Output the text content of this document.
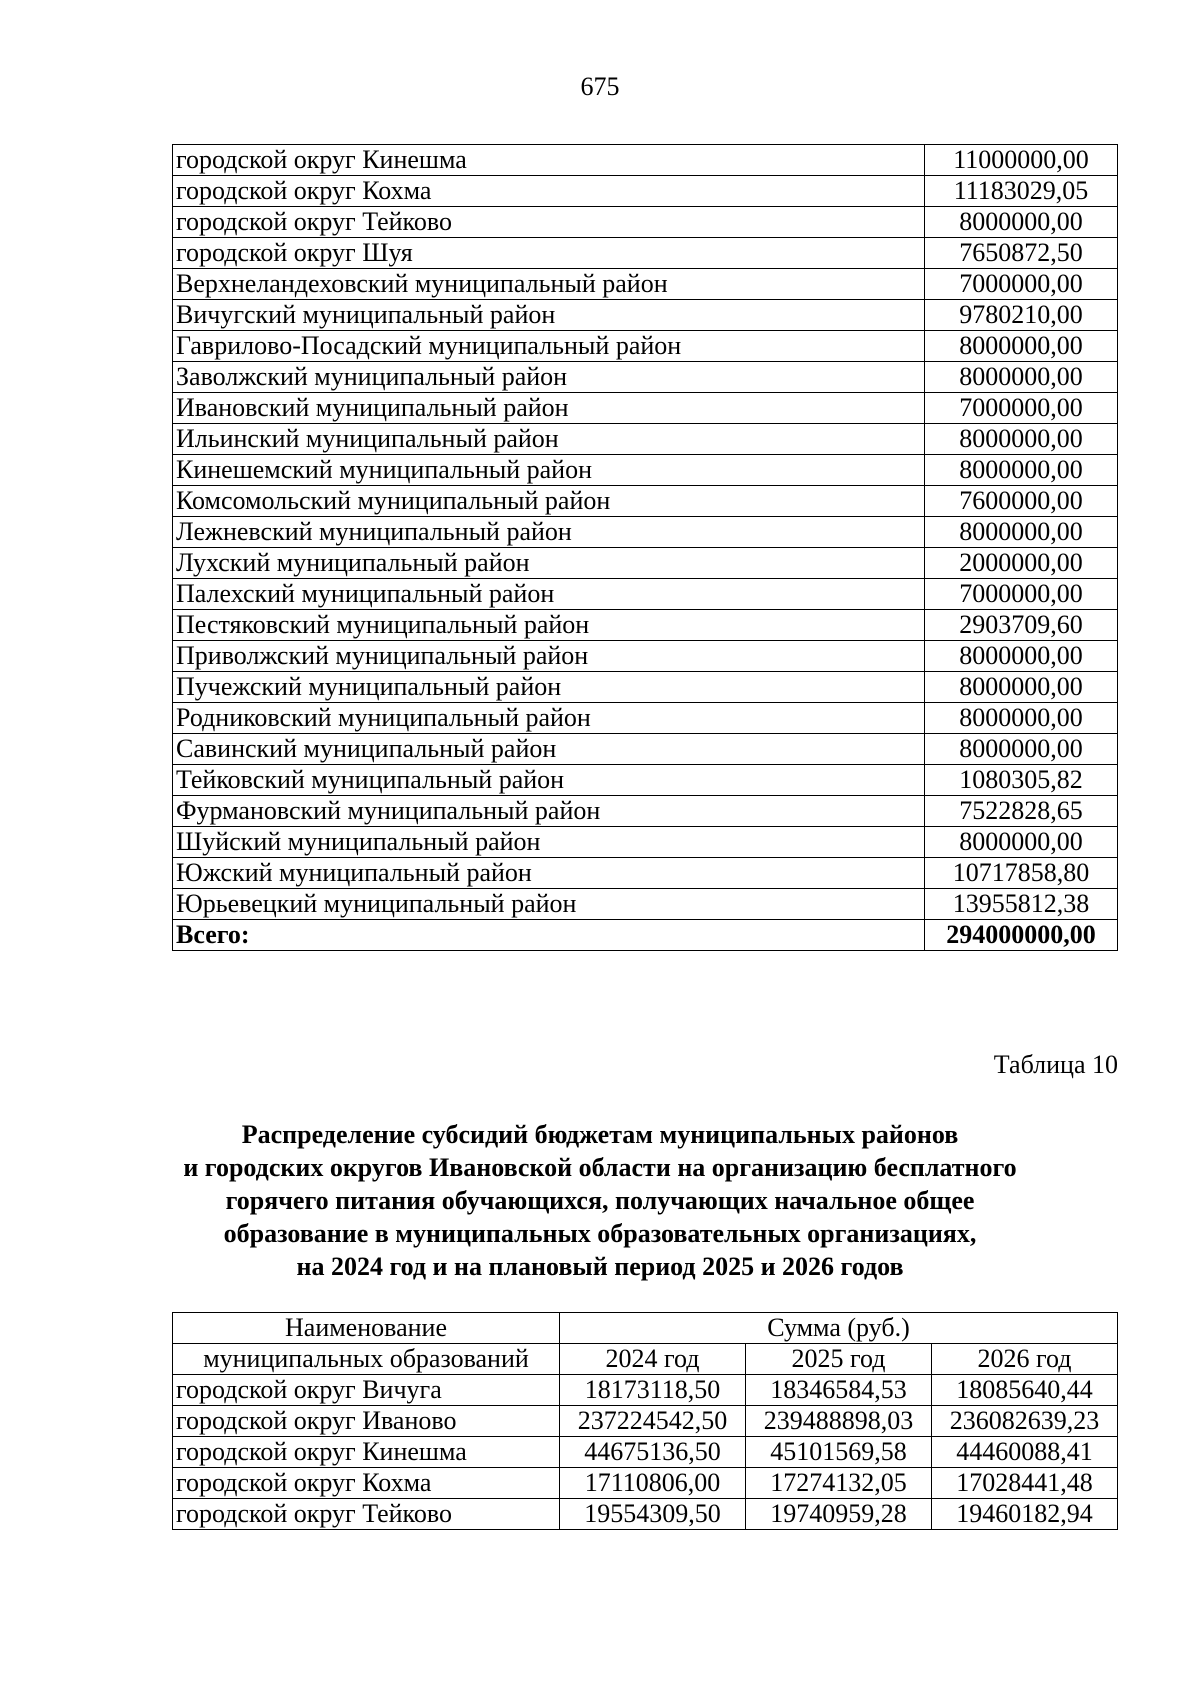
675
городской округ Кинешма	11000000,00
городской округ Кохма	11183029,05
городской округ Тейково	8000000,00
городской округ Шуя	7650872,50
Верхнеландеховский муниципальный район	7000000,00
Вичугский муниципальный район	9780210,00
Гаврилово-Посадский муниципальный район	8000000,00
Заволжский муниципальный район	8000000,00
Ивановский муниципальный район	7000000,00
Ильинский муниципальный район	8000000,00
Кинешемский муниципальный район	8000000,00
Комсомольский муниципальный район	7600000,00
Лежневский муниципальный район	8000000,00
Лухский муниципальный район	2000000,00
Палехский муниципальный район	7000000,00
Пестяковский муниципальный район	2903709,60
Приволжский муниципальный район	8000000,00
Пучежский муниципальный район	8000000,00
Родниковский муниципальный район	8000000,00
Савинский муниципальный район	8000000,00
Тейковский муниципальный район	1080305,82
Фурмановский муниципальный район	7522828,65
Шуйский муниципальный район	8000000,00
Южский муниципальный район	10717858,80
Юрьевецкий муниципальный район	13955812,38
Всего:	294000000,00
Таблица 10
Распределение субсидий бюджетам муниципальных районов
и городских округов Ивановской области на организацию бесплатного
горячего питания обучающихся, получающих начальное общее
образование в муниципальных образовательных организациях,
на 2024 год и на плановый период 2025 и 2026 годов
Наименование	Сумма (руб.)		
муниципальных образований	2024 год	2025 год	2026 год
городской округ Вичуга	18173118,50	18346584,53	18085640,44
городской округ Иваново	237224542,50	239488898,03	236082639,23
городской округ Кинешма	44675136,50	45101569,58	44460088,41
городской округ Кохма	17110806,00	17274132,05	17028441,48
городской округ Тейково	19554309,50	19740959,28	19460182,94
